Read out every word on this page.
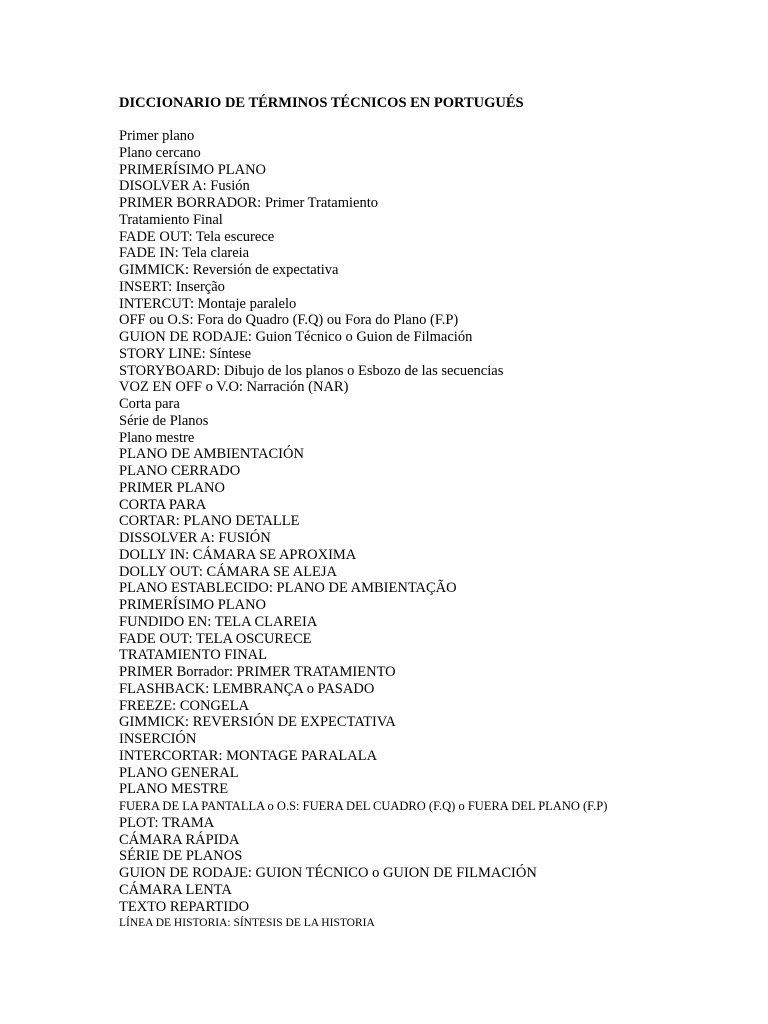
DICCIONARIO DE TÉRMINOS TÉCNICOS EN PORTUGUÉS
Primer plano
Plano cercano
PRIMERÍSIMO PLANO
DISOLVER A: Fusión
PRIMER BORRADOR: Primer Tratamiento
Tratamiento Final
FADE OUT: Tela escurece
FADE IN: Tela clareia
GIMMICK: Reversión de expectativa
INSERT: Inserção
INTERCUT: Montaje paralelo
OFF ou O.S: Fora do Quadro (F.Q) ou Fora do Plano (F.P)
GUION DE RODAJE: Guion Técnico o Guion de Filmación
STORY LINE: Síntese
STORYBOARD: Dibujo de los planos o Esbozo de las secuencias
VOZ EN OFF o V.O: Narración (NAR)
Corta para
Série de Planos
Plano mestre
PLANO DE AMBIENTACIÓN
PLANO CERRADO
PRIMER PLANO
CORTA PARA
CORTAR: PLANO DETALLE
DISSOLVER A: FUSIÓN
DOLLY IN: CÁMARA SE APROXIMA
DOLLY OUT: CÁMARA SE ALEJA
PLANO ESTABLECIDO: PLANO DE AMBIENTAÇÃO
PRIMERÍSIMO PLANO
FUNDIDO EN: TELA CLAREIA
FADE OUT: TELA OSCURECE
TRATAMIENTO FINAL
PRIMER Borrador: PRIMER TRATAMIENTO
FLASHBACK: LEMBRANÇA o PASADO
FREEZE: CONGELA
GIMMICK: REVERSIÓN DE EXPECTATIVA
INSERCIÓN
INTERCORTAR: MONTAGE PARALALA
PLANO GENERAL
PLANO MESTRE
FUERA DE LA PANTALLA o O.S: FUERA DEL CUADRO (F.Q) o FUERA DEL PLANO (F.P)
PLOT: TRAMA
CÁMARA RÁPIDA
SÉRIE DE PLANOS
GUION DE RODAJE: GUION TÉCNICO o GUION DE FILMACIÓN
CÁMARA LENTA
TEXTO REPARTIDO
LÍNEA DE HISTORIA: SÍNTESIS DE LA HISTORIA
